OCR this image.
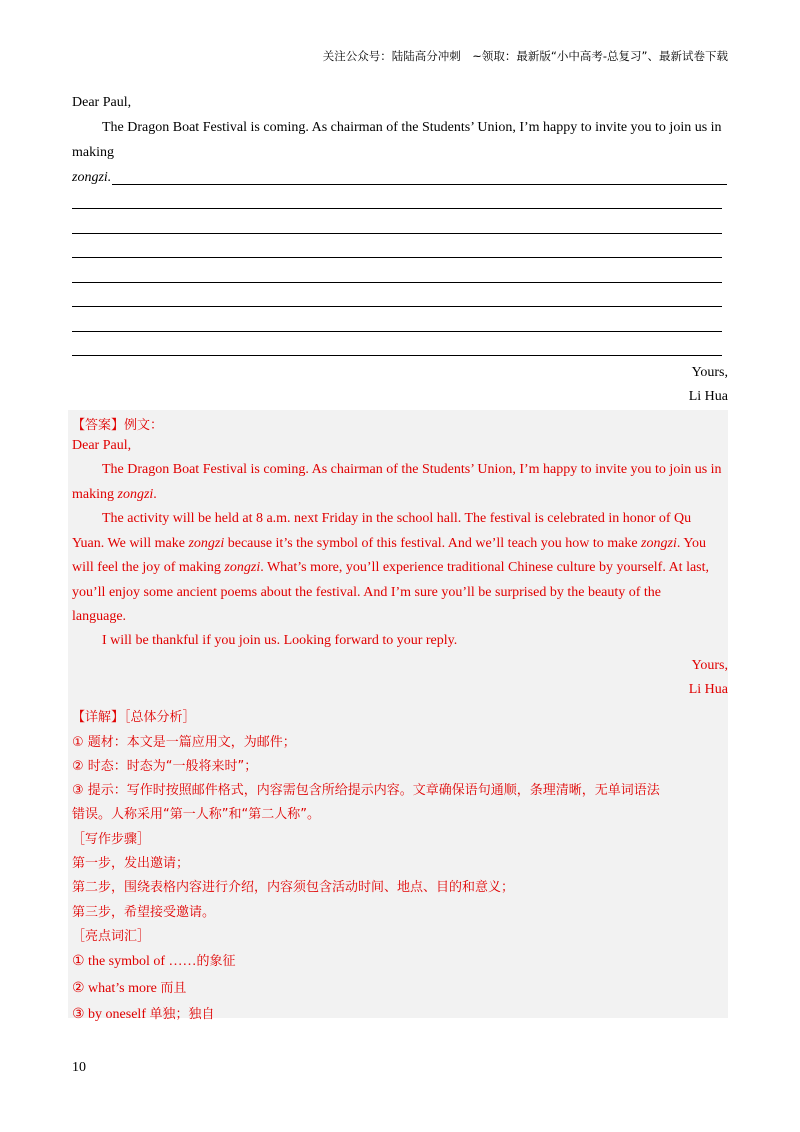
关注公众号：陆陆高分冲刺　~领取：最新版“小中高考-总复习”、最新试卷下载
Dear Paul,
The Dragon Boat Festival is coming. As chairman of the Students’ Union, I’m happy to invite you to join us in
making
zongzi.
Yours,
Li Hua
【答案】例文：
Dear Paul,
The Dragon Boat Festival is coming. As chairman of the Students’ Union, I’m happy to invite you to join us in
making zongzi.
The activity will be held at 8 a.m. next Friday in the school hall. The festival is celebrated in honor of Qu
Yuan. We will make zongzi because it’s the symbol of this festival. And we’ll teach you how to make zongzi. You
will feel the joy of making zongzi. What’s more, you’ll experience traditional Chinese culture by yourself. At last,
you’ll enjoy some ancient poems about the festival. And I’m sure you’ll be surprised by the beauty of the
language.
I will be thankful if you join us. Looking forward to your reply.
Yours,
Li Hua
【详解】［总体分析］
① 题材：本文是一篇应用文，为邮件；
② 时态：时态为“一般将来时”；
③ 提示：写作时按照邮件格式，内容需包含所给提示内容。文章确保语句通顺，条理清晰，无单词语法
错误。人称采用“第一人称”和“第二人称”。
［写作步骤］
第一步，发出邀请；
第二步，围绕表格内容进行介绍，内容须包含活动时间、地点、目的和意义；
第三步，希望接受邀请。
［亮点词汇］
① the symbol of ……的象征
② what’s more 而且
③ by oneself 单独；独自
10
